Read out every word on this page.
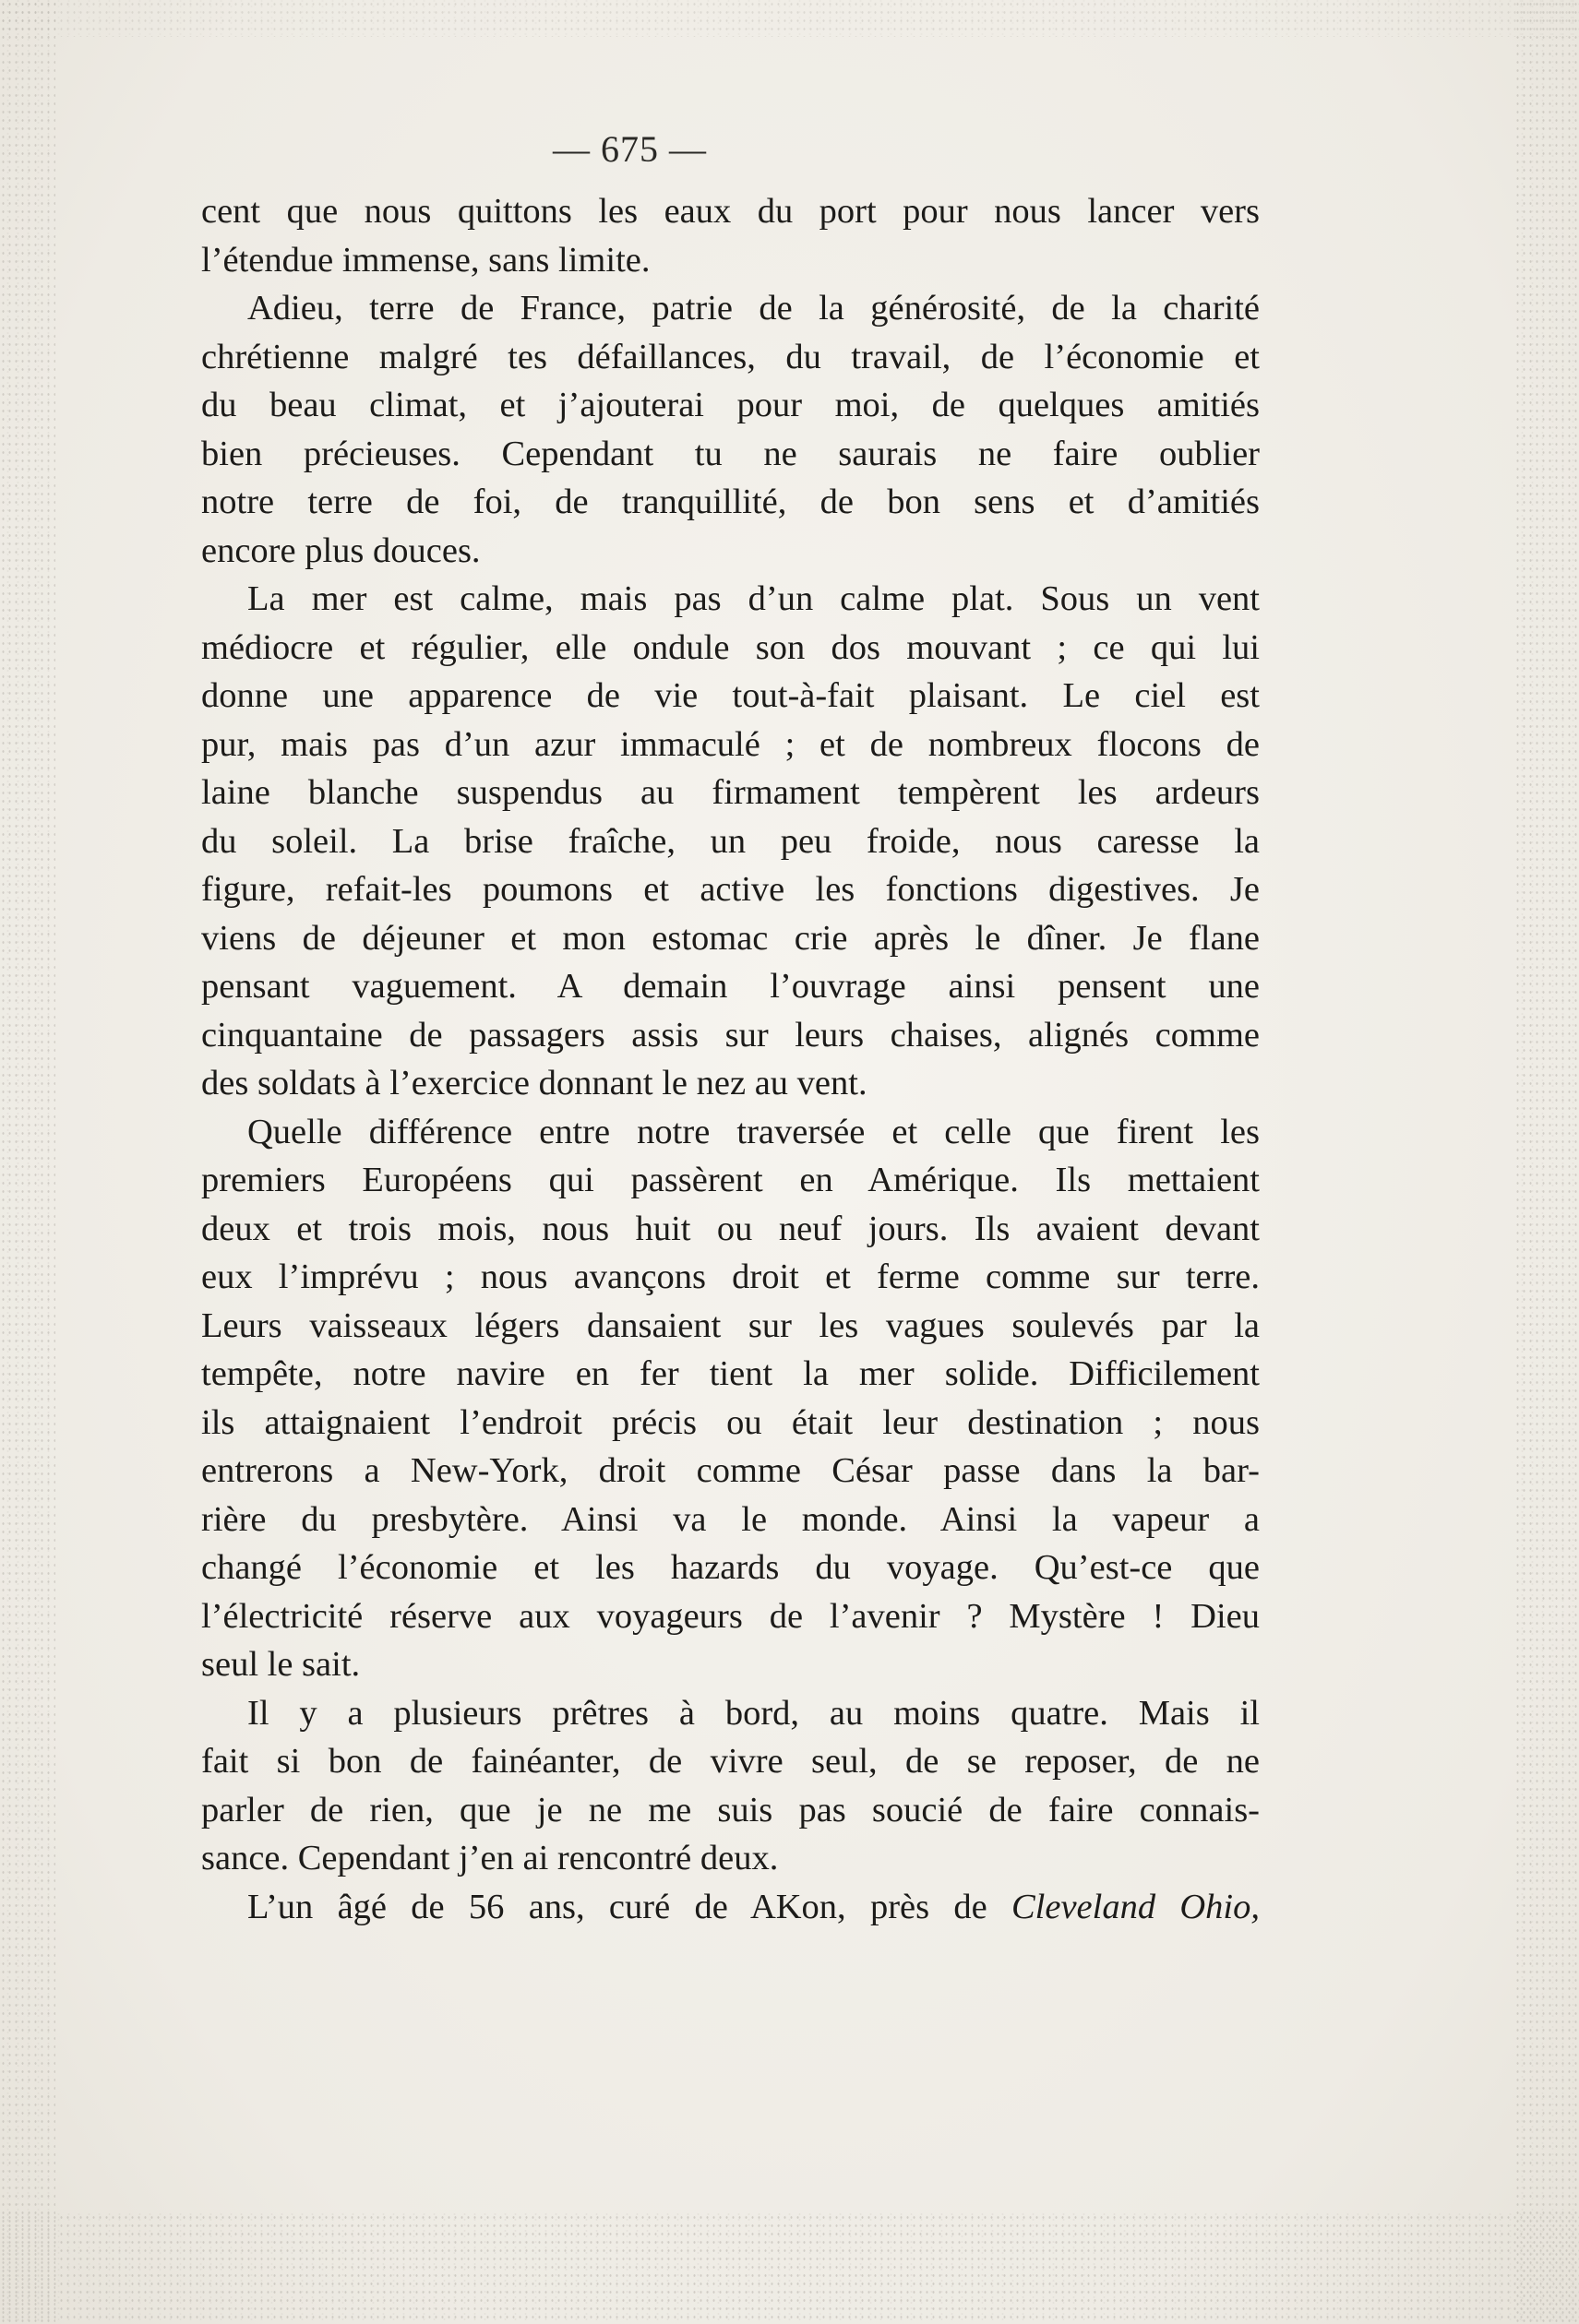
— 675 —
cent que nous quittons les eaux du port pour nous lancer vers
l’étendue immense, sans limite.
Adieu, terre de France, patrie de la générosité, de la charité
chrétienne malgré tes défaillances, du travail, de l’économie et
du beau climat, et j’ajouterai pour moi, de quelques amitiés
bien précieuses. Cependant tu ne saurais ne faire oublier
notre terre de foi, de tranquillité, de bon sens et d’amitiés
encore plus douces.
La mer est calme, mais pas d’un calme plat. Sous un vent
médiocre et régulier, elle ondule son dos mouvant ; ce qui lui
donne une apparence de vie tout-à-fait plaisant. Le ciel est
pur, mais pas d’un azur immaculé ; et de nombreux flocons de
laine blanche suspendus au firmament tempèrent les ardeurs
du soleil. La brise fraîche, un peu froide, nous caresse la
figure, refait-les poumons et active les fonctions digestives. Je
viens de déjeuner et mon estomac crie après le dîner. Je flane
pensant vaguement. A demain l’ouvrage ainsi pensent une
cinquantaine de passagers assis sur leurs chaises, alignés comme
des soldats à l’exercice donnant le nez au vent.
Quelle différence entre notre traversée et celle que firent les
premiers Européens qui passèrent en Amérique. Ils mettaient
deux et trois mois, nous huit ou neuf jours. Ils avaient devant
eux l’imprévu ; nous avançons droit et ferme comme sur terre.
Leurs vaisseaux légers dansaient sur les vagues soulevés par la
tempête, notre navire en fer tient la mer solide. Difficilement
ils attaignaient l’endroit précis ou était leur destination ; nous
entrerons a New-York, droit comme César passe dans la bar-
rière du presbytère. Ainsi va le monde. Ainsi la vapeur a
changé l’économie et les hazards du voyage. Qu’est-ce que
l’électricité réserve aux voyageurs de l’avenir ? Mystère ! Dieu
seul le sait.
Il y a plusieurs prêtres à bord, au moins quatre. Mais il
fait si bon de fainéanter, de vivre seul, de se reposer, de ne
parler de rien, que je ne me suis pas soucié de faire connais-
sance. Cependant j’en ai rencontré deux.
L’un âgé de 56 ans, curé de AKon, près de Cleveland Ohio,
